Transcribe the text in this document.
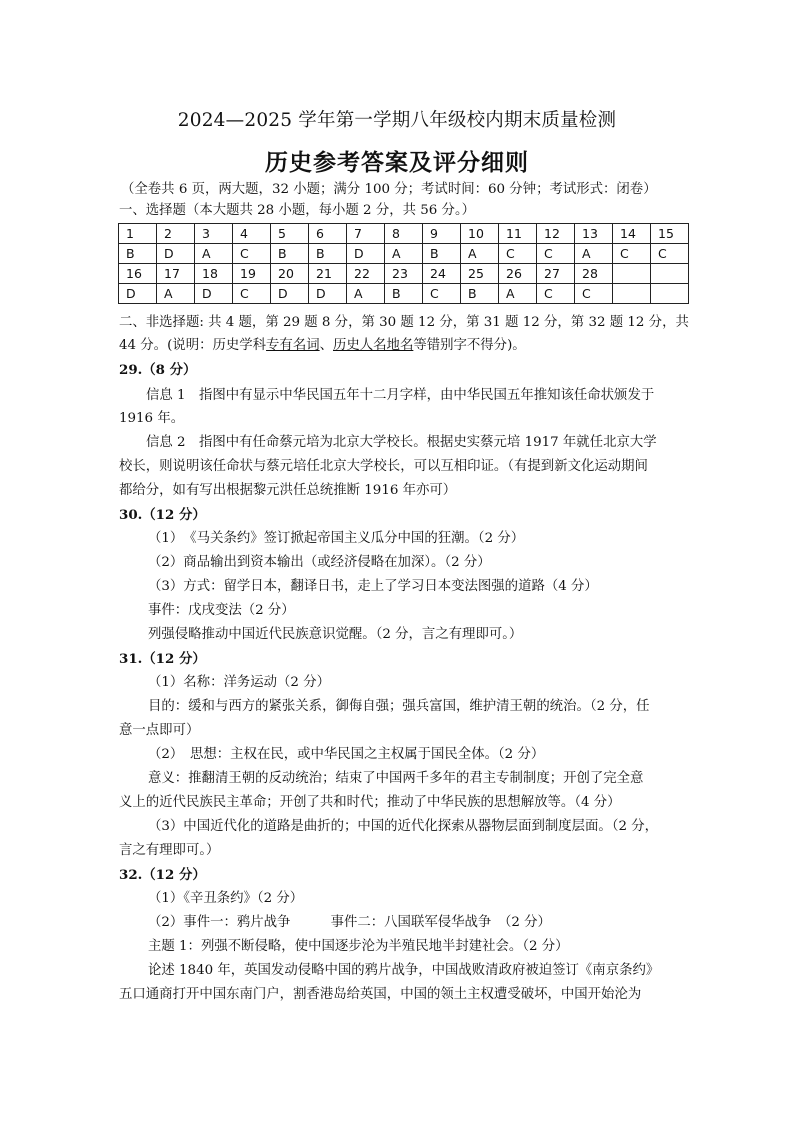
2024—2025 学年第一学期八年级校内期末质量检测
历史参考答案及评分细则
（全卷共 6 页，两大题，32 小题；满分 100 分；考试时间：60 分钟；考试形式：闭卷）
一、选择题（本大题共 28 小题，每小题 2 分，共 56 分。）
1	2	3	4	5	6	7	8	9	10	11	12	13	14	15
B	D	A	C	B	B	D	A	B	A	C	C	A	C	C
16	17	18	19	20	21	22	23	24	25	26	27	28		
D	A	D	C	D	D	A	B	C	B	A	C	C		
二、非选择题: 共 4 题，第 29 题 8 分，第 30 题 12 分，第 31 题 12 分，第 32 题 12 分，共
44 分。(说明：历史学科专有名词、历史人名地名等错别字不得分)。
29.（8 分）
信息 1　指图中有显示中华民国五年十二月字样，由中华民国五年推知该任命状颁发于
1916 年。
信息 2　指图中有任命蔡元培为北京大学校长。根据史实蔡元培 1917 年就任北京大学
校长，则说明该任命状与蔡元培任北京大学校长，可以互相印证。（有提到新文化运动期间
都给分，如有写出根据黎元洪任总统推断 1916 年亦可）
30.（12 分）
（1）　《马关条约》签订掀起帝国主义瓜分中国的狂潮。（2 分）
（2）商品输出到资本输出（或经济侵略在加深）。（2 分）
（3）方式：留学日本，翻译日书，走上了学习日本变法图强的道路（4 分）
事件：戊戌变法（2 分）
列强侵略推动中国近代民族意识觉醒。（2 分，言之有理即可。）
31.（12 分）
（1）名称：洋务运动（2 分）
目的：缓和与西方的紧张关系，御侮自强；强兵富国，维护清王朝的统治。（2 分，任
意一点即可）
（2）　思想：主权在民，或中华民国之主权属于国民全体。（2 分）
意义：推翻清王朝的反动统治；结束了中国两千多年的君主专制制度；开创了完全意
义上的近代民族民主革命；开创了共和时代；推动了中华民族的思想解放等。（4 分）
（3）中国近代化的道路是曲折的；中国的近代化探索从器物层面到制度层面。（2 分，
言之有理即可。）
32.（12 分）
（1）《辛丑条约》（2 分）
（2）事件一：鸦片战争　　　事件二：八国联军侵华战争　（2 分）
主题 1：列强不断侵略，使中国逐步沦为半殖民地半封建社会。（2 分）
论述 1840 年，英国发动侵略中国的鸦片战争，中国战败清政府被迫签订《南京条约》
五口通商打开中国东南门户，割香港岛给英国，中国的领土主权遭受破坏，中国开始沦为
